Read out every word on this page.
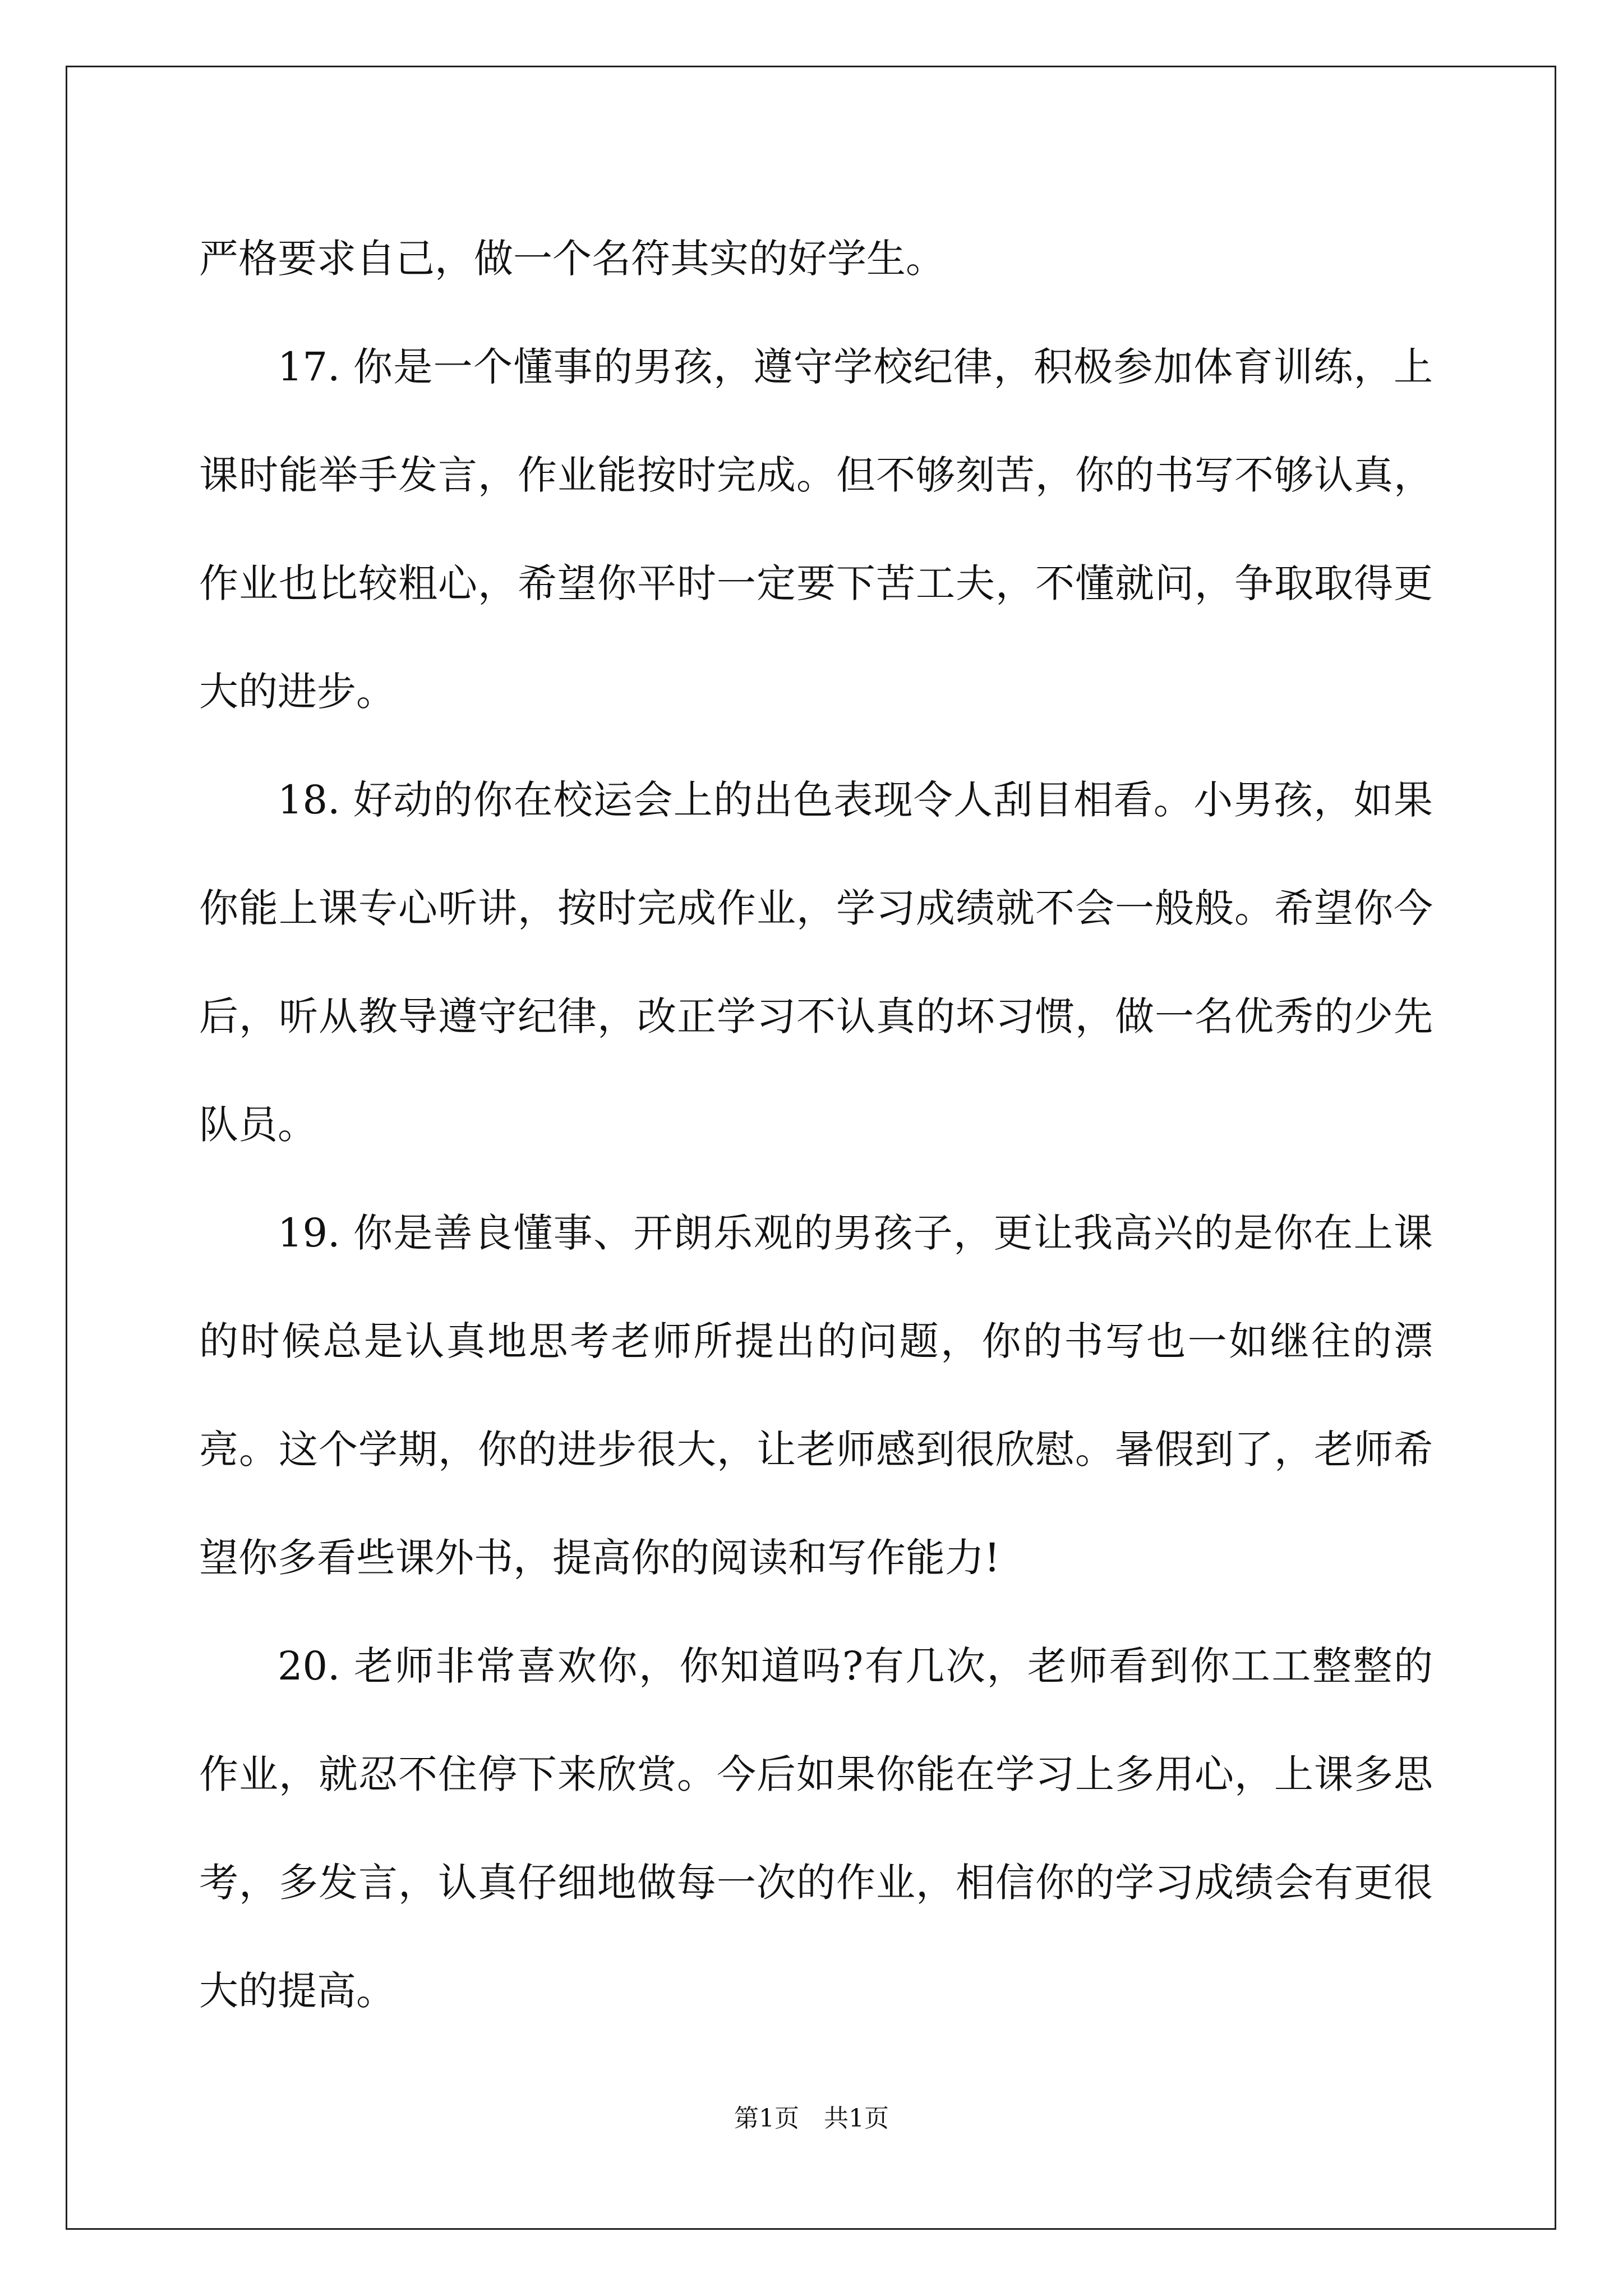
严格要求自己，做一个名符其实的好学生。

17. 你是一个懂事的男孩，遵守学校纪律，积极参加体育训练，上课时能举手发言，作业能按时完成。但不够刻苦，你的书写不够认真，作业也比较粗心，希望你平时一定要下苦工夫，不懂就问，争取取得更大的进步。

18. 好动的你在校运会上的出色表现令人刮目相看。小男孩，如果你能上课专心听讲，按时完成作业，学习成绩就不会一般般。希望你今后，听从教导遵守纪律，改正学习不认真的坏习惯，做一名优秀的少先队员。

19. 你是善良懂事、开朗乐观的男孩子，更让我高兴的是你在上课的时候总是认真地思考老师所提出的问题，你的书写也一如继往的漂亮。这个学期，你的进步很大，让老师感到很欣慰。暑假到了，老师希望你多看些课外书，提高你的阅读和写作能力!

20. 老师非常喜欢你，你知道吗?有几次，老师看到你工工整整的作业，就忍不住停下来欣赏。今后如果你能在学习上多用心，上课多思考，多发言，认真仔细地做每一次的作业，相信你的学习成绩会有更很大的提高。

第1页　共1页
